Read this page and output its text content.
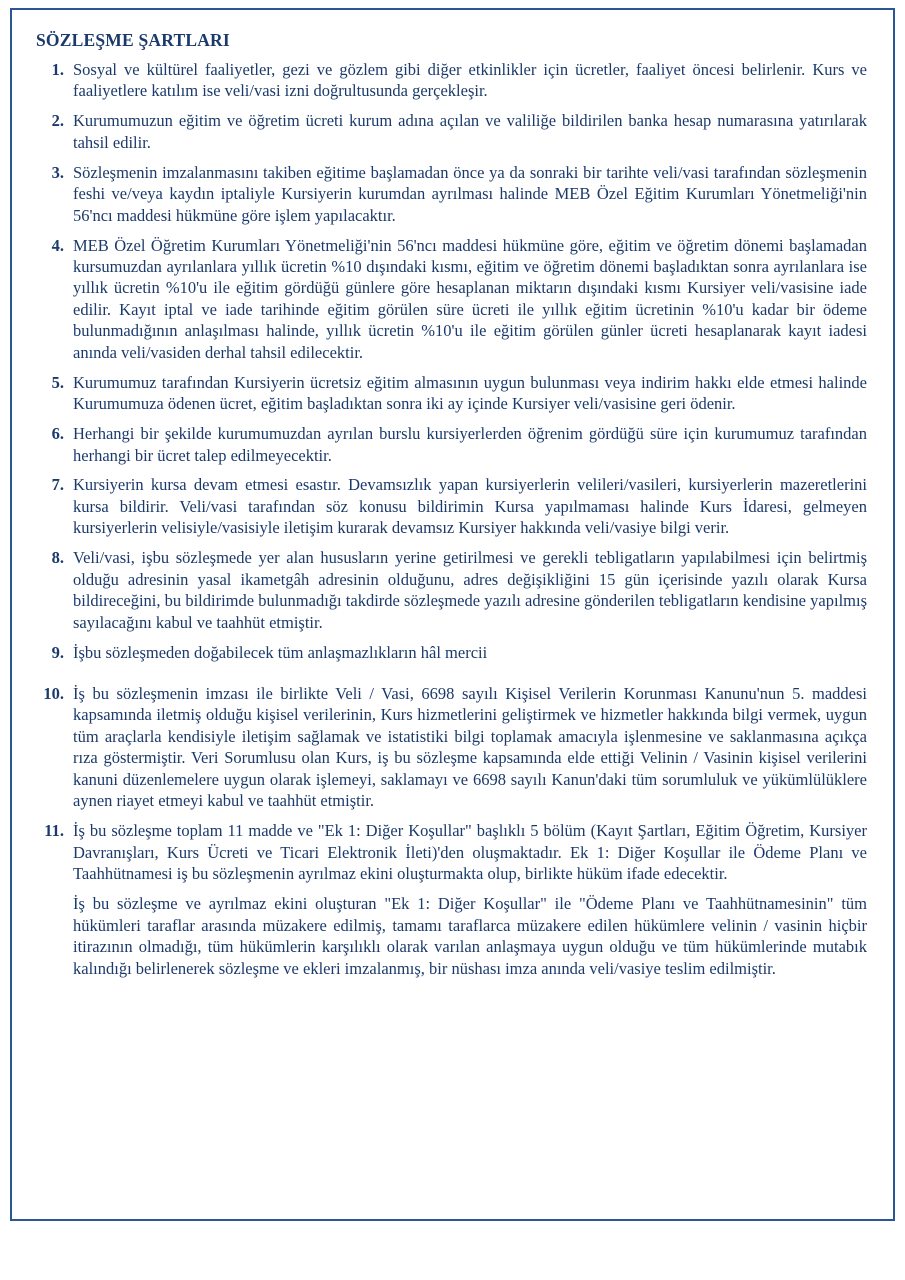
SÖZLEŞME ŞARTLARI
1. Sosyal ve kültürel faaliyetler, gezi ve gözlem gibi diğer etkinlikler için ücretler, faaliyet öncesi belirlenir. Kurs ve faaliyetlere katılım ise veli/vasi izni doğrultusunda gerçekleşir.
2. Kurumumuzun eğitim ve öğretim ücreti kurum adına açılan ve valiliğe bildirilen banka hesap numarasına yatırılarak tahsil edilir.
3. Sözleşmenin imzalanmasını takiben eğitime başlamadan önce ya da sonraki bir tarihte veli/vasi tarafından sözleşmenin feshi ve/veya kaydın iptaliyle Kursiyerin kurumdan ayrılması halinde MEB Özel Eğitim Kurumları Yönetmeliği'nin 56'ncı maddesi hükmüne göre işlem yapılacaktır.
4. MEB Özel Öğretim Kurumları Yönetmeliği'nin 56'ncı maddesi hükmüne göre, eğitim ve öğretim dönemi başlamadan kursumuzdan ayrılanlara yıllık ücretin %10 dışındaki kısmı, eğitim ve öğretim dönemi başladıktan sonra ayrılanlara ise yıllık ücretin %10'u ile eğitim gördüğü günlere göre hesaplanan miktarın dışındaki kısmı Kursiyer veli/vasisine iade edilir. Kayıt iptal ve iade tarihinde eğitim görülen süre ücreti ile yıllık eğitim ücretinin %10'u kadar bir ödeme bulunmadığının anlaşılması halinde, yıllık ücretin %10'u ile eğitim görülen günler ücreti hesaplanarak kayıt iadesi anında veli/vasiden derhal tahsil edilecektir.
5. Kurumumuz tarafından Kursiyerin ücretsiz eğitim almasının uygun bulunması veya indirim hakkı elde etmesi halinde Kurumumuza ödenen ücret, eğitim başladıktan sonra iki ay içinde Kursiyer veli/vasisine geri ödenir.
6. Herhangi bir şekilde kurumumuzdan ayrılan burslu kursiyerlerden öğrenim gördüğü süre için kurumumuz tarafından herhangi bir ücret talep edilmeyecektir.
7. Kursiyerin kursa devam etmesi esastır. Devamsızlık yapan kursiyerlerin velileri/vasileri, kursiyerlerin mazeretlerini kursa bildirir. Veli/vasi tarafından söz konusu bildirimin Kursa yapılmaması halinde Kurs İdaresi, gelmeyen kursiyerlerin velisiyle/vasisiyle iletişim kurarak devamsız Kursiyer hakkında veli/vasiye bilgi verir.
8. Veli/vasi, işbu sözleşmede yer alan hususların yerine getirilmesi ve gerekli tebligatların yapılabilmesi için belirtmiş olduğu adresinin yasal ikametgâh adresinin olduğunu, adres değişikliğini 15 gün içerisinde yazılı olarak Kursa bildireceğini, bu bildirimde bulunmadığı takdirde sözleşmede yazılı adresine gönderilen tebligatların kendisine yapılmış sayılacağını kabul ve taahhüt etmiştir.
9. İşbu sözleşmeden doğabilecek tüm anlaşmazlıkların hâl mercii
10. İş bu sözleşmenin imzası ile birlikte Veli / Vasi, 6698 sayılı Kişisel Verilerin Korunması Kanunu'nun 5. maddesi kapsamında iletmiş olduğu kişisel verilerinin, Kurs hizmetlerini geliştirmek ve hizmetler hakkında bilgi vermek, uygun tüm araçlarla kendisiyle iletişim sağlamak ve istatistiki bilgi toplamak amacıyla işlenmesine ve saklanmasına açıkça rıza göstermiştir. Veri Sorumlusu olan Kurs, iş bu sözleşme kapsamında elde ettiği Velinin / Vasinin kişisel verilerini kanuni düzenlemelere uygun olarak işlemeyi, saklamayı ve 6698 sayılı Kanun'daki tüm sorumluluk ve yükümlülüklere aynen riayet etmeyi kabul ve taahhüt etmiştir.
11. İş bu sözleşme toplam 11 madde ve "Ek 1: Diğer Koşullar" başlıklı 5 bölüm (Kayıt Şartları, Eğitim Öğretim, Kursiyer Davranışları, Kurs Ücreti ve Ticari Elektronik İleti)'den oluşmaktadır. Ek 1: Diğer Koşullar ile Ödeme Planı ve Taahhütnamesi iş bu sözleşmenin ayrılmaz ekini oluşturmakta olup, birlikte hüküm ifade edecektir.
İş bu sözleşme ve ayrılmaz ekini oluşturan "Ek 1: Diğer Koşullar" ile "Ödeme Planı ve Taahhütnamesinin" tüm hükümleri taraflar arasında müzakere edilmiş, tamamı taraflarca müzakere edilen hükümlere velinin / vasinin hiçbir itirazının olmadığı, tüm hükümlerin karşılıklı olarak varılan anlaşmaya uygun olduğu ve tüm hükümlerinde mutabık kalındığı belirlenerek sözleşme ve ekleri imzalanmış, bir nüshası imza anında veli/vasiye teslim edilmiştir.
